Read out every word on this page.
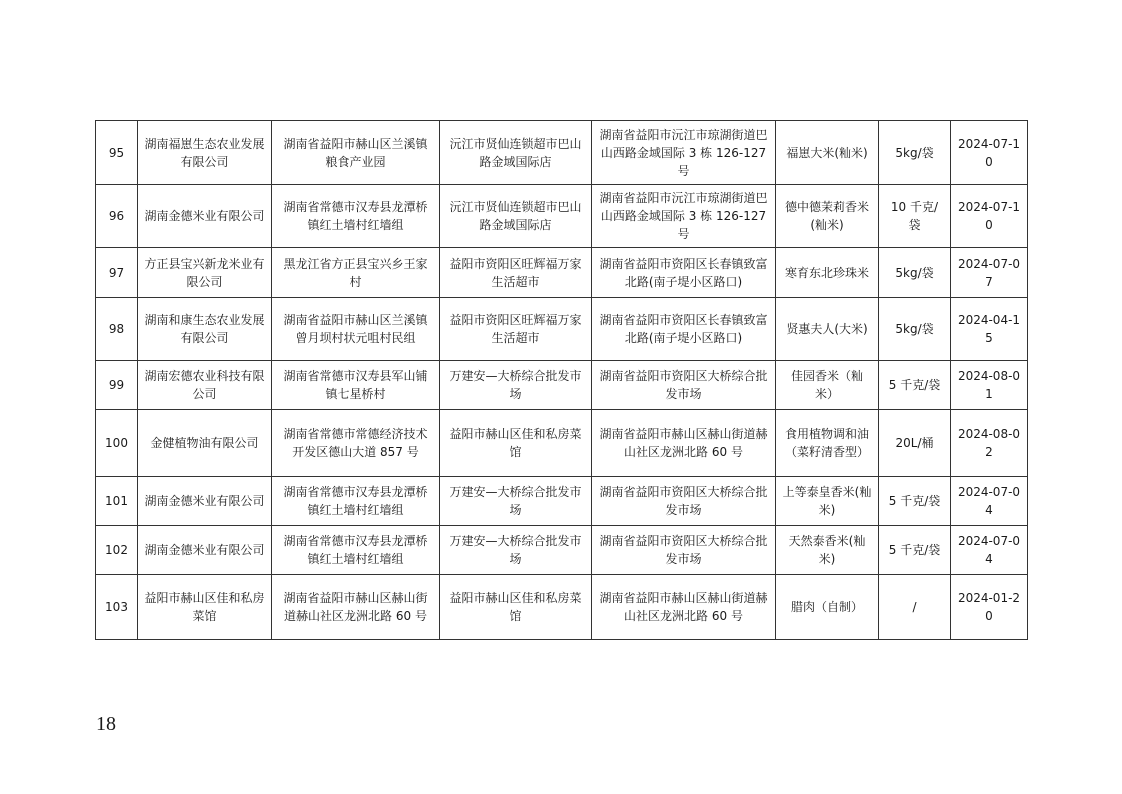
95	湖南福崽生态农业发展有限公司	湖南省益阳市赫山区兰溪镇粮食产业园	沅江市贤仙连锁超市巴山路金域国际店	湖南省益阳市沅江市琼湖街道巴山西路金域国际 3 栋 126-127 号	福崽大米(籼米)	5kg/袋	2024-07-10
96	湖南金德米业有限公司	湖南省常德市汉寿县龙潭桥镇红土墙村红墙组	沅江市贤仙连锁超市巴山路金域国际店	湖南省益阳市沅江市琼湖街道巴山西路金域国际 3 栋 126-127 号	德中德茉莉香米(籼米)	10 千克/袋	2024-07-10
97	方正县宝兴新龙米业有限公司	黑龙江省方正县宝兴乡王家村	益阳市资阳区旺辉福万家生活超市	湖南省益阳市资阳区长春镇致富北路(南子堤小区路口)	寒育东北珍珠米	5kg/袋	2024-07-07
98	湖南和康生态农业发展有限公司	湖南省益阳市赫山区兰溪镇曾月坝村状元咀村民组	益阳市资阳区旺辉福万家生活超市	湖南省益阳市资阳区长春镇致富北路(南子堤小区路口)	贤惠夫人(大米)	5kg/袋	2024-04-15
99	湖南宏德农业科技有限公司	湖南省常德市汉寿县军山铺镇七星桥村	万建安—大桥综合批发市场	湖南省益阳市资阳区大桥综合批发市场	佳园香米（籼米）	5 千克/袋	2024-08-01
100	金健植物油有限公司	湖南省常德市常德经济技术开发区德山大道 857 号	益阳市赫山区佳和私房菜馆	湖南省益阳市赫山区赫山街道赫山社区龙洲北路 60 号	食用植物调和油（菜籽清香型）	20L/桶	2024-08-02
101	湖南金德米业有限公司	湖南省常德市汉寿县龙潭桥镇红土墙村红墙组	万建安—大桥综合批发市场	湖南省益阳市资阳区大桥综合批发市场	上等泰皇香米(籼米)	5 千克/袋	2024-07-04
102	湖南金德米业有限公司	湖南省常德市汉寿县龙潭桥镇红土墙村红墙组	万建安—大桥综合批发市场	湖南省益阳市资阳区大桥综合批发市场	天然泰香米(籼米)	5 千克/袋	2024-07-04
103	益阳市赫山区佳和私房菜馆	湖南省益阳市赫山区赫山街道赫山社区龙洲北路 60 号	益阳市赫山区佳和私房菜馆	湖南省益阳市赫山区赫山街道赫山社区龙洲北路 60 号	腊肉（自制）	/	2024-01-20
18
